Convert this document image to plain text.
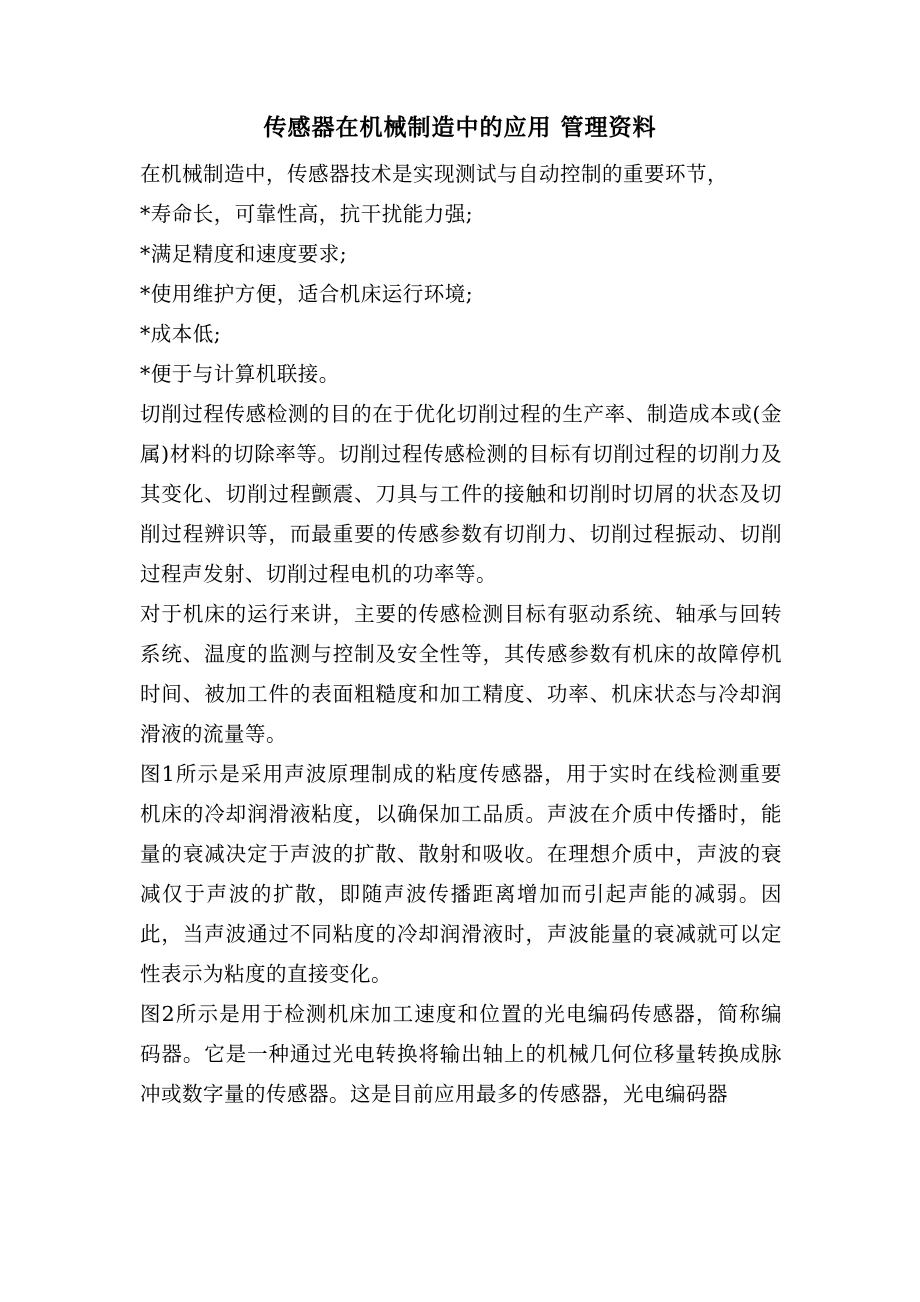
传感器在机械制造中的应用 管理资料

在机械制造中，传感器技术是实现测试与自动控制的重要环节，

*寿命长，可靠性高，抗干扰能力强;

*满足精度和速度要求;

*使用维护方便，适合机床运行环境;

*成本低;

*便于与计算机联接。

切削过程传感检测的目的在于优化切削过程的生产率、制造成本或(金属)材料的切除率等。切削过程传感检测的目标有切削过程的切削力及其变化、切削过程颤震、刀具与工件的接触和切削时切屑的状态及切削过程辨识等，而最重要的传感参数有切削力、切削过程振动、切削过程声发射、切削过程电机的功率等。

对于机床的运行来讲，主要的传感检测目标有驱动系统、轴承与回转系统、温度的监测与控制及安全性等，其传感参数有机床的故障停机时间、被加工件的表面粗糙度和加工精度、功率、机床状态与冷却润滑液的流量等。

图1所示是采用声波原理制成的粘度传感器，用于实时在线检测重要机床的冷却润滑液粘度，以确保加工品质。声波在介质中传播时，能量的衰减决定于声波的扩散、散射和吸收。在理想介质中，声波的衰减仅于声波的扩散，即随声波传播距离增加而引起声能的减弱。因此，当声波通过不同粘度的冷却润滑液时，声波能量的衰减就可以定性表示为粘度的直接变化。

图2所示是用于检测机床加工速度和位置的光电编码传感器，简称编码器。它是一种通过光电转换将输出轴上的机械几何位移量转换成脉冲或数字量的传感器。这是目前应用最多的传感器，光电编码器
